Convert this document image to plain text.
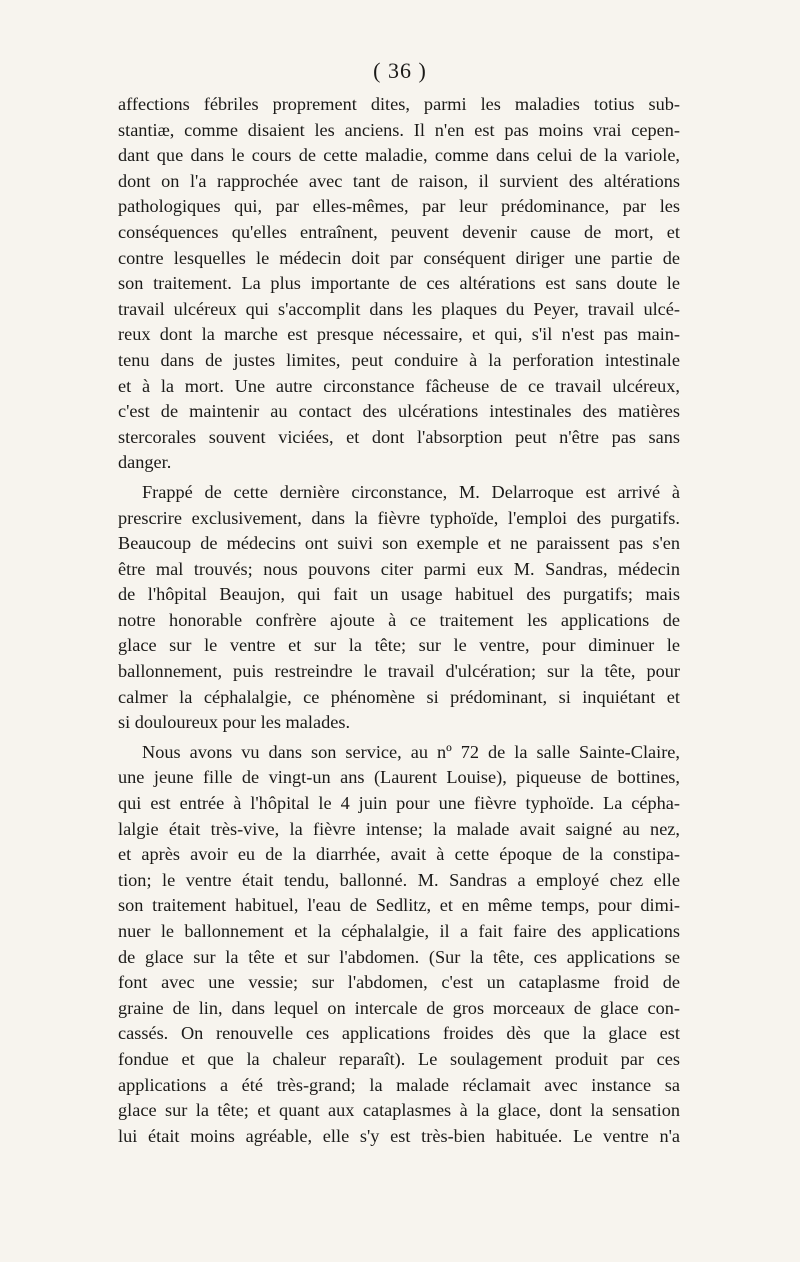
( 36 )
affections fébriles proprement dites, parmi les maladies totius sub-
stantiæ, comme disaient les anciens. Il n'en est pas moins vrai cepen-
dant que dans le cours de cette maladie, comme dans celui de la variole,
dont on l'a rapprochée avec tant de raison, il survient des altérations
pathologiques qui, par elles-mêmes, par leur prédominance, par les
conséquences qu'elles entraînent, peuvent devenir cause de mort, et
contre lesquelles le médecin doit par conséquent diriger une partie de
son traitement. La plus importante de ces altérations est sans doute le
travail ulcéreux qui s'accomplit dans les plaques du Peyer, travail ulcé-
reux dont la marche est presque nécessaire, et qui, s'il n'est pas main-
tenu dans de justes limites, peut conduire à la perforation intestinale
et à la mort. Une autre circonstance fâcheuse de ce travail ulcéreux,
c'est de maintenir au contact des ulcérations intestinales des matières
stercorales souvent viciées, et dont l'absorption peut n'être pas sans
danger.
Frappé de cette dernière circonstance, M. Delarroque est arrivé à
prescrire exclusivement, dans la fièvre typhoïde, l'emploi des purgatifs.
Beaucoup de médecins ont suivi son exemple et ne paraissent pas s'en
être mal trouvés; nous pouvons citer parmi eux M. Sandras, médecin
de l'hôpital Beaujon, qui fait un usage habituel des purgatifs; mais
notre honorable confrère ajoute à ce traitement les applications de
glace sur le ventre et sur la tête; sur le ventre, pour diminuer le
ballonnement, puis restreindre le travail d'ulcération; sur la tête, pour
calmer la céphalalgie, ce phénomène si prédominant, si inquiétant et
si douloureux pour les malades.
Nous avons vu dans son service, au nº 72 de la salle Sainte-Claire,
une jeune fille de vingt-un ans (Laurent Louise), piqueuse de bottines,
qui est entrée à l'hôpital le 4 juin pour une fièvre typhoïde. La cépha-
lalgie était très-vive, la fièvre intense; la malade avait saigné au nez,
et après avoir eu de la diarrhée, avait à cette époque de la constipa-
tion; le ventre était tendu, ballonné. M. Sandras a employé chez elle
son traitement habituel, l'eau de Sedlitz, et en même temps, pour dimi-
nuer le ballonnement et la céphalalgie, il a fait faire des applications
de glace sur la tête et sur l'abdomen. (Sur la tête, ces applications se
font avec une vessie; sur l'abdomen, c'est un cataplasme froid de
graine de lin, dans lequel on intercale de gros morceaux de glace con-
cassés. On renouvelle ces applications froides dès que la glace est
fondue et que la chaleur reparaît). Le soulagement produit par ces
applications a été très-grand; la malade réclamait avec instance sa
glace sur la tête; et quant aux cataplasmes à la glace, dont la sensation
lui était moins agréable, elle s'y est très-bien habituée. Le ventre n'a
